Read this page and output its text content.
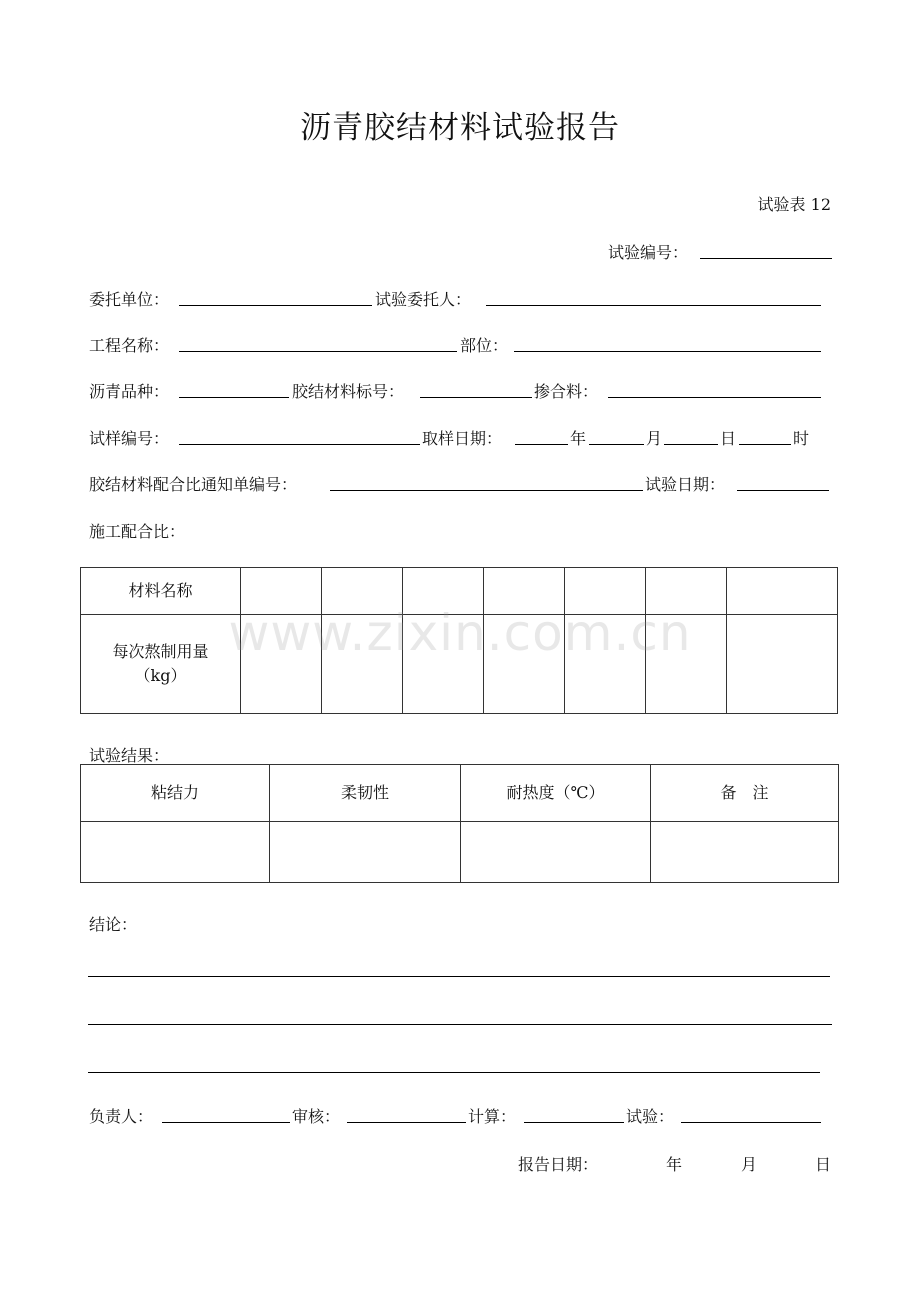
沥青胶结材料试验报告
试验表 12
试验编号：
委托单位：	试验委托人：
工程名称：	部位：
沥青品种：	胶结材料标号：	掺合料：
试样编号：	取样日期：	年	月	日	时
胶结材料配合比通知单编号：	试验日期：
施工配合比：
材料名称							

每次熬制用量
（kg）							

试验结果：
粘结力	柔韧性	耐热度（℃）	备　注

结论：
负责人：	审核：	计算：	试验：
报告日期：	年	月	日
www.zixin.com.cn
